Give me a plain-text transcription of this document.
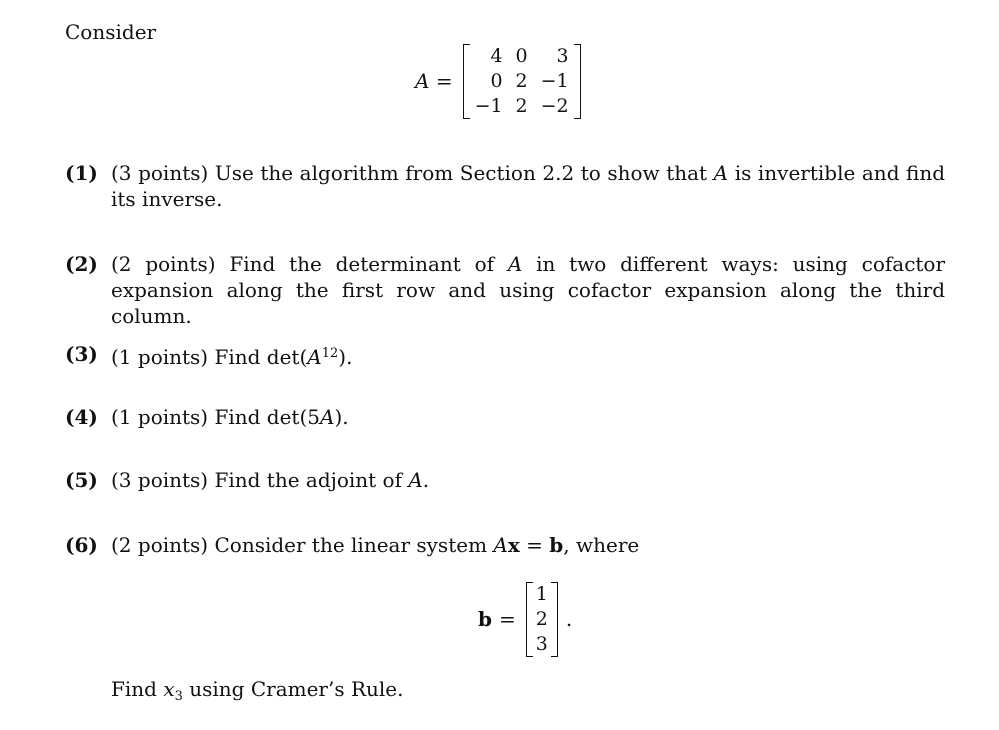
Consider
A =
4	0	3
0	2	−1
−1	2	−2
(1) (3 points) Use the algorithm from Section 2.2 to show that A is invertible and find its inverse.
(2) (2 points) Find the determinant of A in two different ways: using cofactor expansion along the first row and using cofactor expansion along the third column.
(3) (1 points) Find $\det(A^{12})$.
(4) (1 points) Find det(5A).
(5) (3 points) Find the adjoint of A.
(6) (2 points) Consider the linear system Ax = b, where
b =
1
2
3
.
Find $x_3$ using Cramer’s Rule.
